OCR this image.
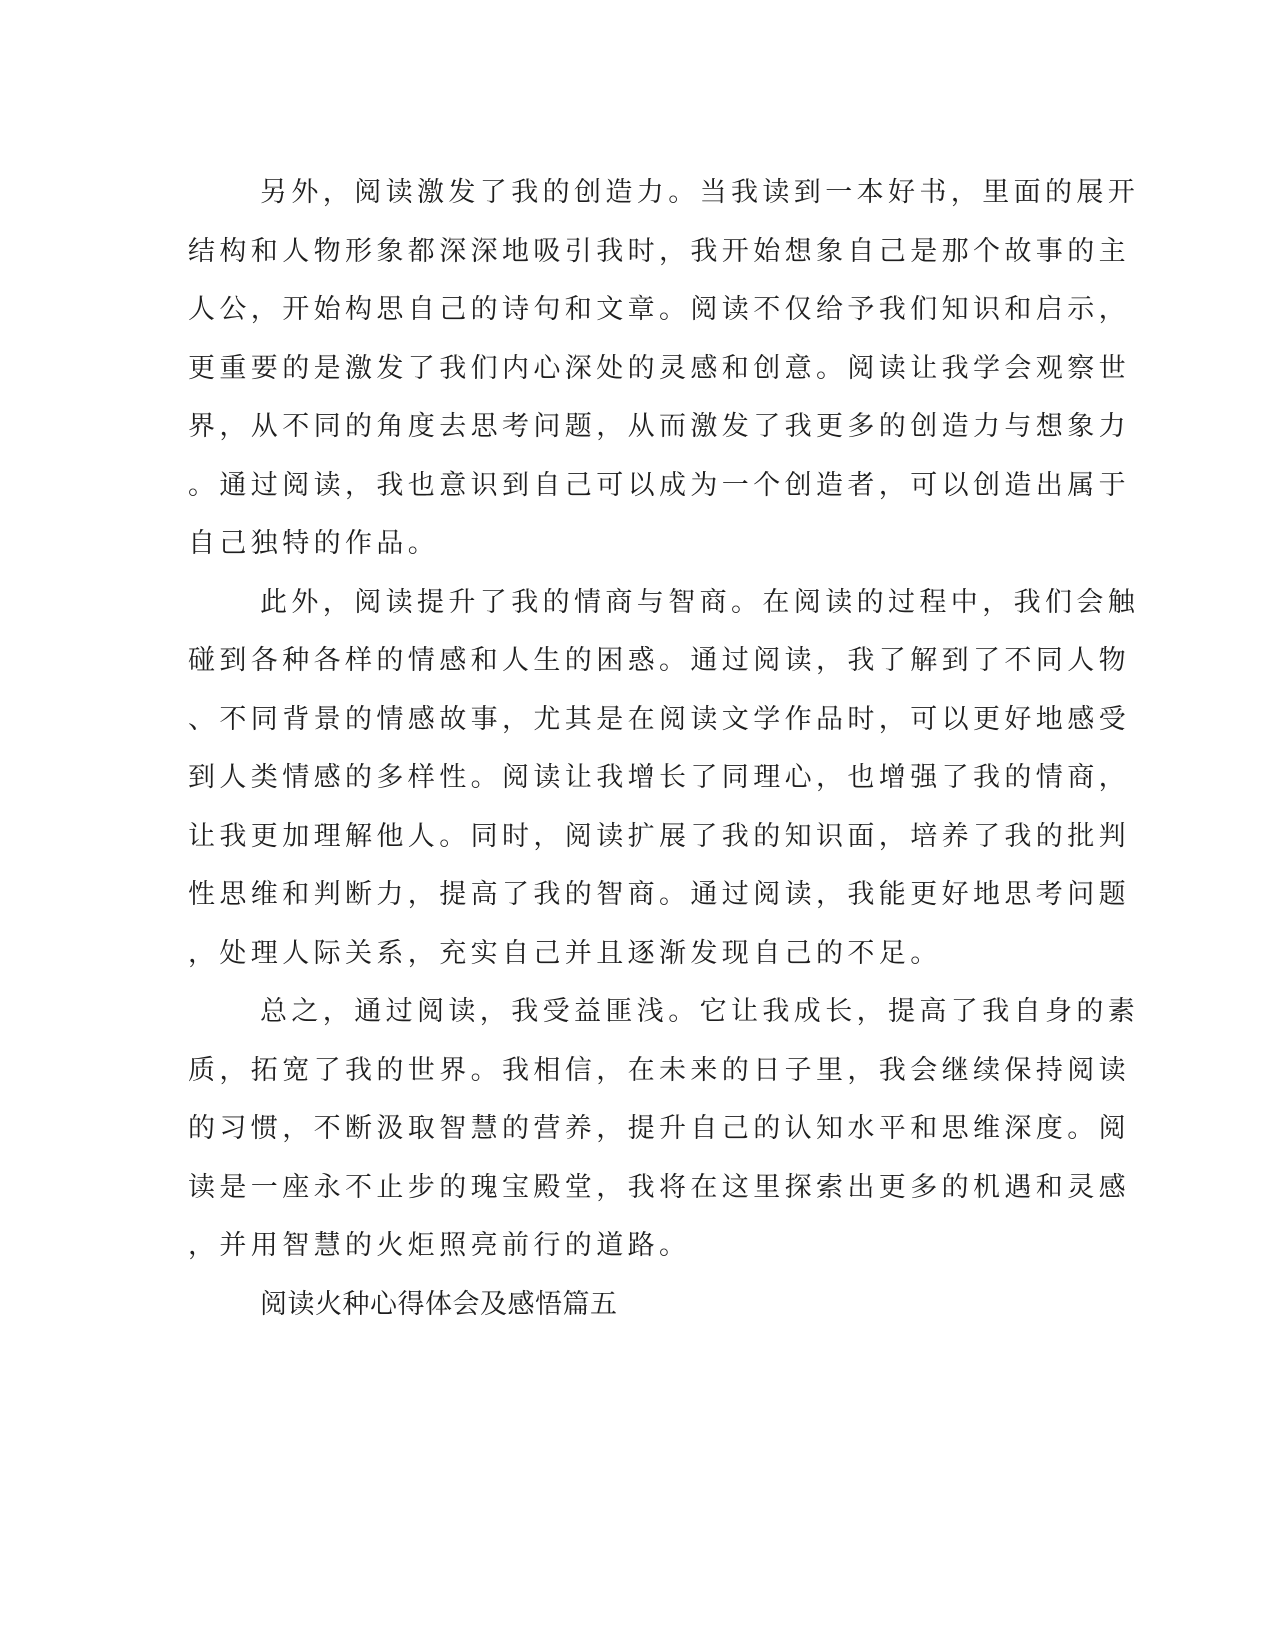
另外，阅读激发了我的创造力。当我读到一本好书，里面的展开
结构和人物形象都深深地吸引我时，我开始想象自己是那个故事的主
人公，开始构思自己的诗句和文章。阅读不仅给予我们知识和启示，
更重要的是激发了我们内心深处的灵感和创意。阅读让我学会观察世
界，从不同的角度去思考问题，从而激发了我更多的创造力与想象力
。通过阅读，我也意识到自己可以成为一个创造者，可以创造出属于
自己独特的作品。
此外，阅读提升了我的情商与智商。在阅读的过程中，我们会触
碰到各种各样的情感和人生的困惑。通过阅读，我了解到了不同人物
、不同背景的情感故事，尤其是在阅读文学作品时，可以更好地感受
到人类情感的多样性。阅读让我增长了同理心，也增强了我的情商，
让我更加理解他人。同时，阅读扩展了我的知识面，培养了我的批判
性思维和判断力，提高了我的智商。通过阅读，我能更好地思考问题
，处理人际关系，充实自己并且逐渐发现自己的不足。
总之，通过阅读，我受益匪浅。它让我成长，提高了我自身的素
质，拓宽了我的世界。我相信，在未来的日子里，我会继续保持阅读
的习惯，不断汲取智慧的营养，提升自己的认知水平和思维深度。阅
读是一座永不止步的瑰宝殿堂，我将在这里探索出更多的机遇和灵感
，并用智慧的火炬照亮前行的道路。
阅读火种心得体会及感悟篇五
